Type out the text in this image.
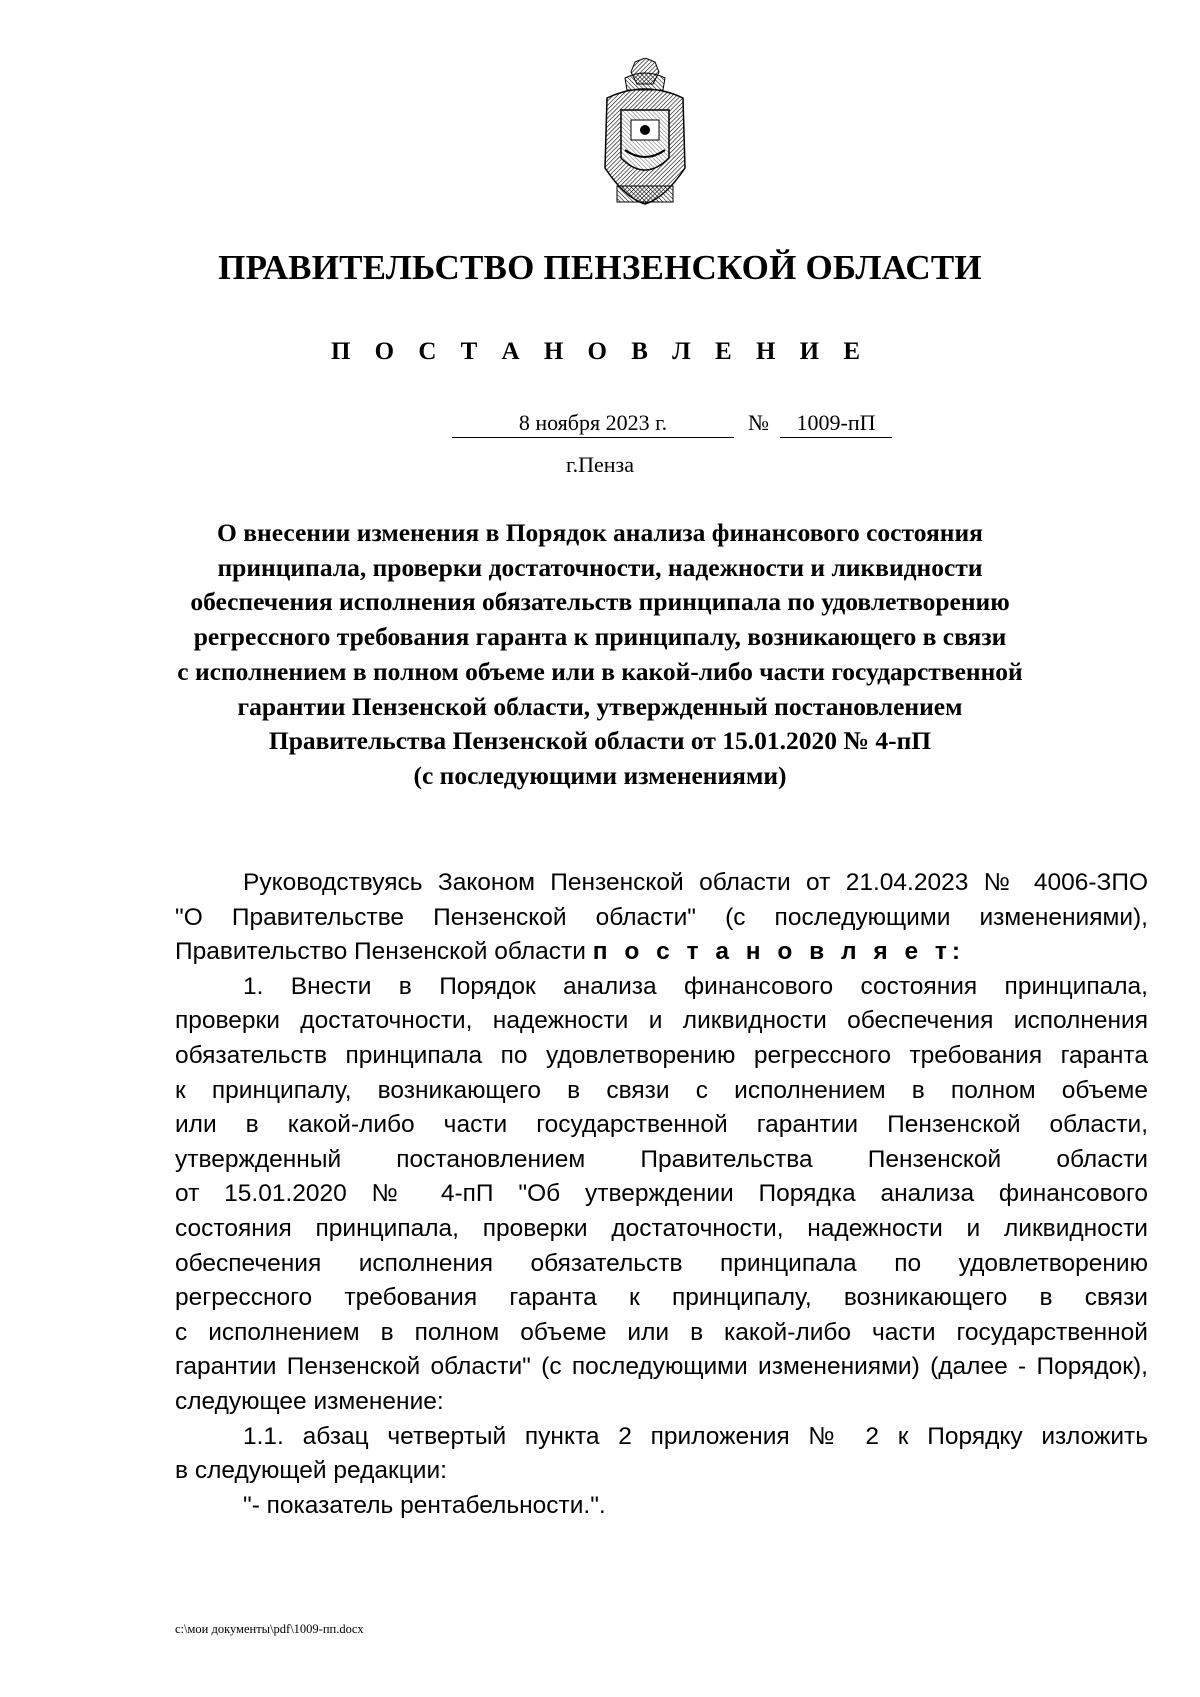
ПРАВИТЕЛЬСТВО ПЕНЗЕНСКОЙ ОБЛАСТИ
П О С Т А Н О В Л Е Н И Е
8 ноября 2023 г.	№	1009-пП
г.Пенза
О внесении изменения в Порядок анализа финансового состояния
принципала, проверки достаточности, надежности и ликвидности
обеспечения исполнения обязательств принципала по удовлетворению
регрессного требования гаранта к принципалу, возникающего в связи
с исполнением в полном объеме или в какой-либо части государственной
гарантии Пензенской области, утвержденный постановлением
Правительства Пензенской области от 15.01.2020 № 4-пП
(с последующими изменениями)
Руководствуясь Законом Пензенской области от 21.04.2023 № 4006-ЗПО
"О Правительстве Пензенской области" (с последующими изменениями),
Правительство Пензенской области п о с т а н о в л я е т:
1. Внести в Порядок анализа финансового состояния принципала,
проверки достаточности, надежности и ликвидности обеспечения исполнения
обязательств принципала по удовлетворению регрессного требования гаранта
к принципалу, возникающего в связи с исполнением в полном объеме
или в какой-либо части государственной гарантии Пензенской области,
утвержденный постановлением Правительства Пензенской области
от 15.01.2020 № 4-пП "Об утверждении Порядка анализа финансового
состояния принципала, проверки достаточности, надежности и ликвидности
обеспечения исполнения обязательств принципала по удовлетворению
регрессного требования гаранта к принципалу, возникающего в связи
с исполнением в полном объеме или в какой-либо части государственной
гарантии Пензенской области" (с последующими изменениями) (далее - Порядок),
следующее изменение:
1.1. абзац четвертый пункта 2 приложения № 2 к Порядку изложить
в следующей редакции:
"- показатель рентабельности.".
c:\мои документы\pdf\1009-пп.docx
